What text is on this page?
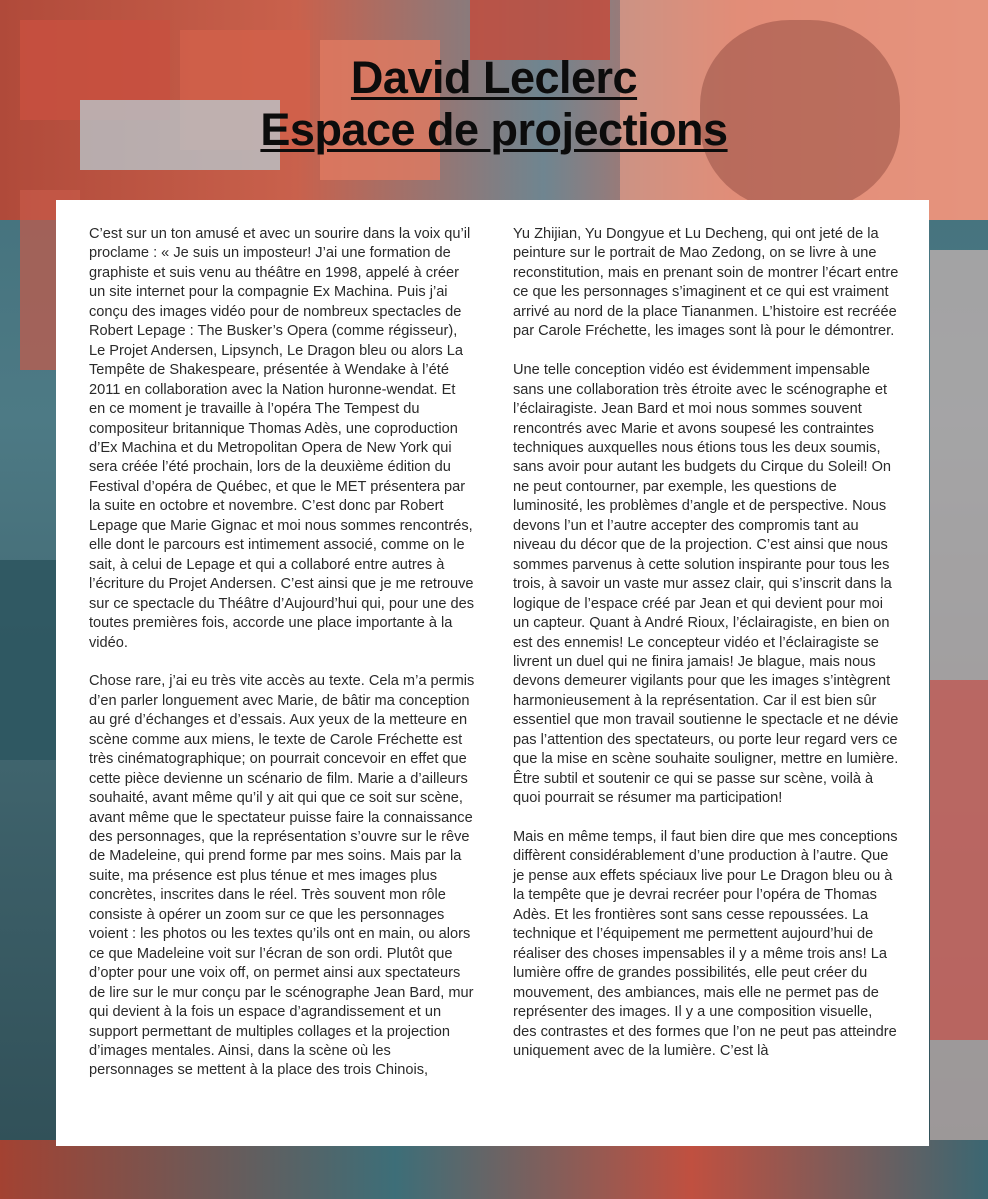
David Leclerc
Espace de projections

C’est sur un ton amusé et avec un sourire dans la voix qu’il proclame : « Je suis un imposteur! J’ai une formation de graphiste et suis venu au théâtre en 1998, appelé à créer un site internet pour la compagnie Ex Machina. Puis j’ai conçu des images vidéo pour de nombreux spectacles de Robert Lepage : The Busker’s Opera (comme régisseur), Le Projet Andersen, Lipsynch, Le Dragon bleu ou alors La Tempête de Shakespeare, présentée à Wendake à l’été 2011 en collaboration avec la Nation huronne-wendat. Et en ce moment je travaille à l’opéra The Tempest du compositeur britannique Thomas Adès, une coproduction d’Ex Machina et du Metropolitan Opera de New York qui sera créée l’été prochain, lors de la deuxième édition du Festival d’opéra de Québec, et que le MET présentera par la suite en octobre et novembre. C’est donc par Robert Lepage que Marie Gignac et moi nous sommes rencontrés, elle dont le parcours est intimement associé, comme on le sait, à celui de Lepage et qui a collaboré entre autres à l’écriture du Projet Andersen. C’est ainsi que je me retrouve sur ce spectacle du Théâtre d’Aujourd’hui qui, pour une des toutes premières fois, accorde une place importante à la vidéo.

Chose rare, j’ai eu très vite accès au texte. Cela m’a permis d’en parler longuement avec Marie, de bâtir ma conception au gré d’échanges et d’essais. Aux yeux de la metteure en scène comme aux miens, le texte de Carole Fréchette est très cinématographique; on pourrait concevoir en effet que cette pièce devienne un scénario de film. Marie a d’ailleurs souhaité, avant même qu’il y ait qui que ce soit sur scène, avant même que le spectateur puisse faire la connaissance des personnages, que la représentation s’ouvre sur le rêve de Madeleine, qui prend forme par mes soins. Mais par la suite, ma présence est plus ténue et mes images plus concrètes, inscrites dans le réel. Très souvent mon rôle consiste à opérer un zoom sur ce que les personnages voient : les photos ou les textes qu’ils ont en main, ou alors ce que Madeleine voit sur l’écran de son ordi. Plutôt que d’opter pour une voix off, on permet ainsi aux spectateurs de lire sur le mur conçu par le scénographe Jean Bard, mur qui devient à la fois un espace d’agrandissement et un support permettant de multiples collages et la projection d’images mentales. Ainsi, dans la scène où les personnages se mettent à la place des trois Chinois,

Yu Zhijian, Yu Dongyue et Lu Decheng, qui ont jeté de la peinture sur le portrait de Mao Zedong, on se livre à une reconstitution, mais en prenant soin de montrer l’écart entre ce que les personnages s’imaginent et ce qui est vraiment arrivé au nord de la place Tiananmen. L’histoire est recréée par Carole Fréchette, les images sont là pour le démontrer.

Une telle conception vidéo est évidemment impensable sans une collaboration très étroite avec le scénographe et l’éclairagiste. Jean Bard et moi nous sommes souvent rencontrés avec Marie et avons soupesé les contraintes techniques auxquelles nous étions tous les deux soumis, sans avoir pour autant les budgets du Cirque du Soleil! On ne peut contourner, par exemple, les questions de luminosité, les problèmes d’angle et de perspective. Nous devons l’un et l’autre accepter des compromis tant au niveau du décor que de la projection. C’est ainsi que nous sommes parvenus à cette solution inspirante pour tous les trois, à savoir un vaste mur assez clair, qui s’inscrit dans la logique de l’espace créé par Jean et qui devient pour moi un capteur. Quant à André Rioux, l’éclairagiste, en bien on est des ennemis! Le concepteur vidéo et l’éclairagiste se livrent un duel qui ne finira jamais! Je blague, mais nous devons demeurer vigilants pour que les images s’intègrent harmonieusement à la représentation. Car il est bien sûr essentiel que mon travail soutienne le spectacle et ne dévie pas l’attention des spectateurs, ou porte leur regard vers ce que la mise en scène souhaite souligner, mettre en lumière. Être subtil et soutenir ce qui se passe sur scène, voilà à quoi pourrait se résumer ma participation!

Mais en même temps, il faut bien dire que mes conceptions diffèrent considérablement d’une production à l’autre. Que je pense aux effets spéciaux live pour Le Dragon bleu ou à la tempête que je devrai recréer pour l’opéra de Thomas Adès. Et les frontières sont sans cesse repoussées. La technique et l’équipement me permettent aujourd’hui de réaliser des choses impensables il y a même trois ans! La lumière offre de grandes possibilités, elle peut créer du mouvement, des ambiances, mais elle ne permet pas de représenter des images. Il y a une composition visuelle, des contrastes et des formes que l’on ne peut pas atteindre uniquement avec de la lumière. C’est là
